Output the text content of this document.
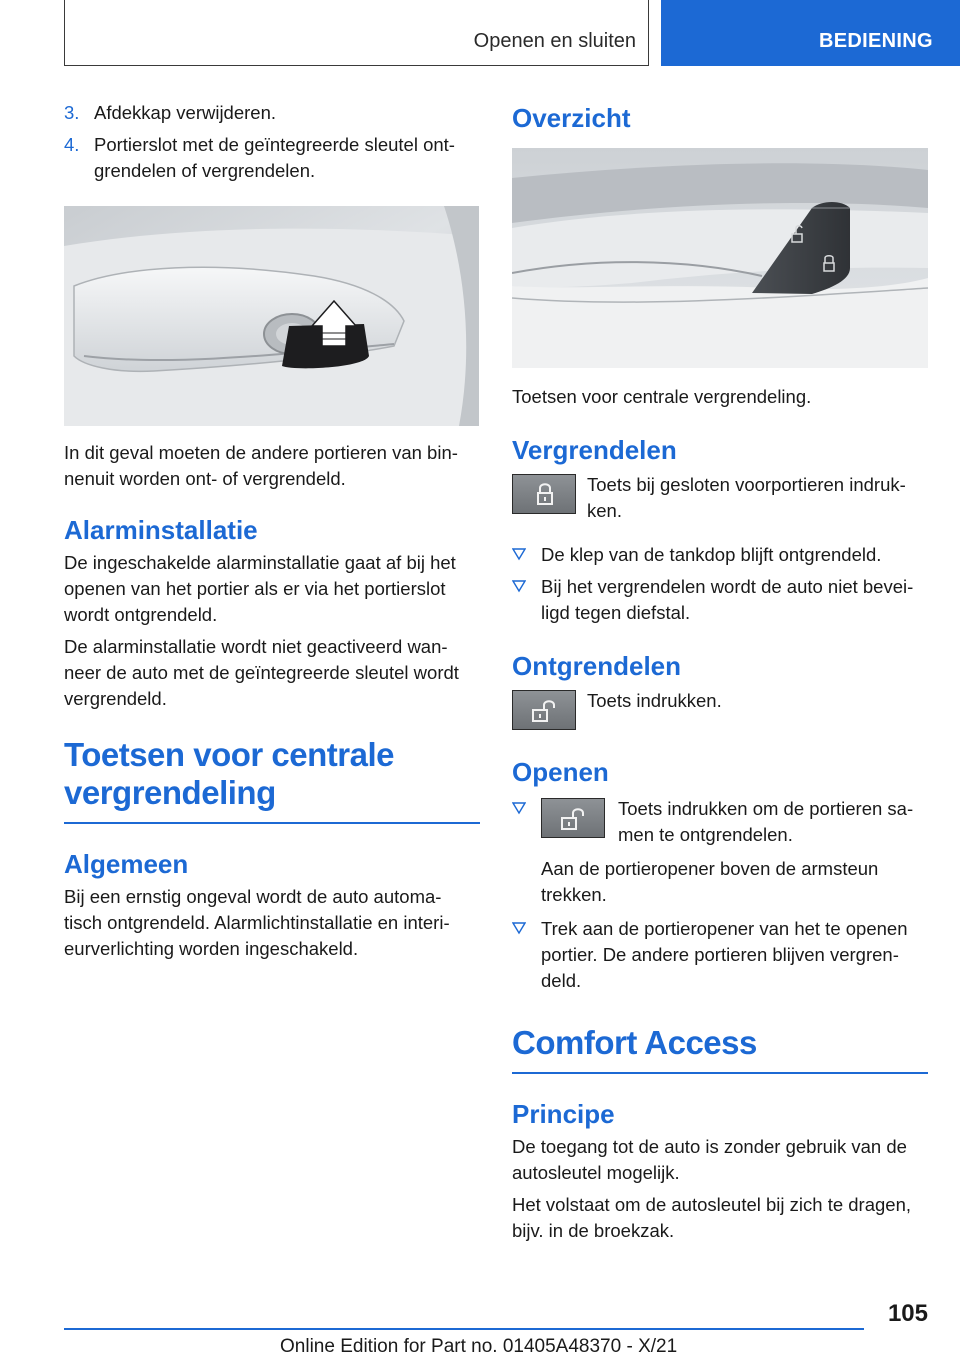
Openen en sluiten	BEDIENING
3. Afdekkap verwijderen.
4. Portierslot met de geïntegreerde sleutel ont- grendelen of vergrendelen.

In dit geval moeten de andere portieren van bin- nenuit worden ont- of vergrendeld.

Alarminstallatie

De ingeschakelde alarminstallatie gaat af bij het openen van het portier als er via het portierslot wordt ontgrendeld.

De alarminstallatie wordt niet geactiveerd wan- neer de auto met de geïntegreerde sleutel wordt vergrendeld.

Toetsen voor centrale
vergrendeling
Algemeen

Bij een ernstig ongeval wordt de auto automa- tisch ontgrendeld. Alarmlichtinstallatie en interi- eurverlichting worden ingeschakeld.

Overzicht

Toetsen voor centrale vergrendeling.

Vergrendelen

Toets bij gesloten voorportieren indruk- ken.

De klep van de tankdop blijft ontgrendeld.
Bij het vergrendelen wordt de auto niet bevei- ligd tegen diefstal.
Ontgrendelen

Toets indrukken.

Openen

Toets indrukken om de portieren sa- men te ontgrendelen.

Aan de portieropener boven de armsteun trekken.

Trek aan de portieropener van het te openen portier. De andere portieren blijven vergren- deld.
Comfort Access
Principe

De toegang tot de auto is zonder gebruik van de autosleutel mogelijk.

Het volstaat om de autosleutel bij zich te dragen, bijv. in de broekzak.

105
Online Edition for Part no. 01405A48370 - X/21
